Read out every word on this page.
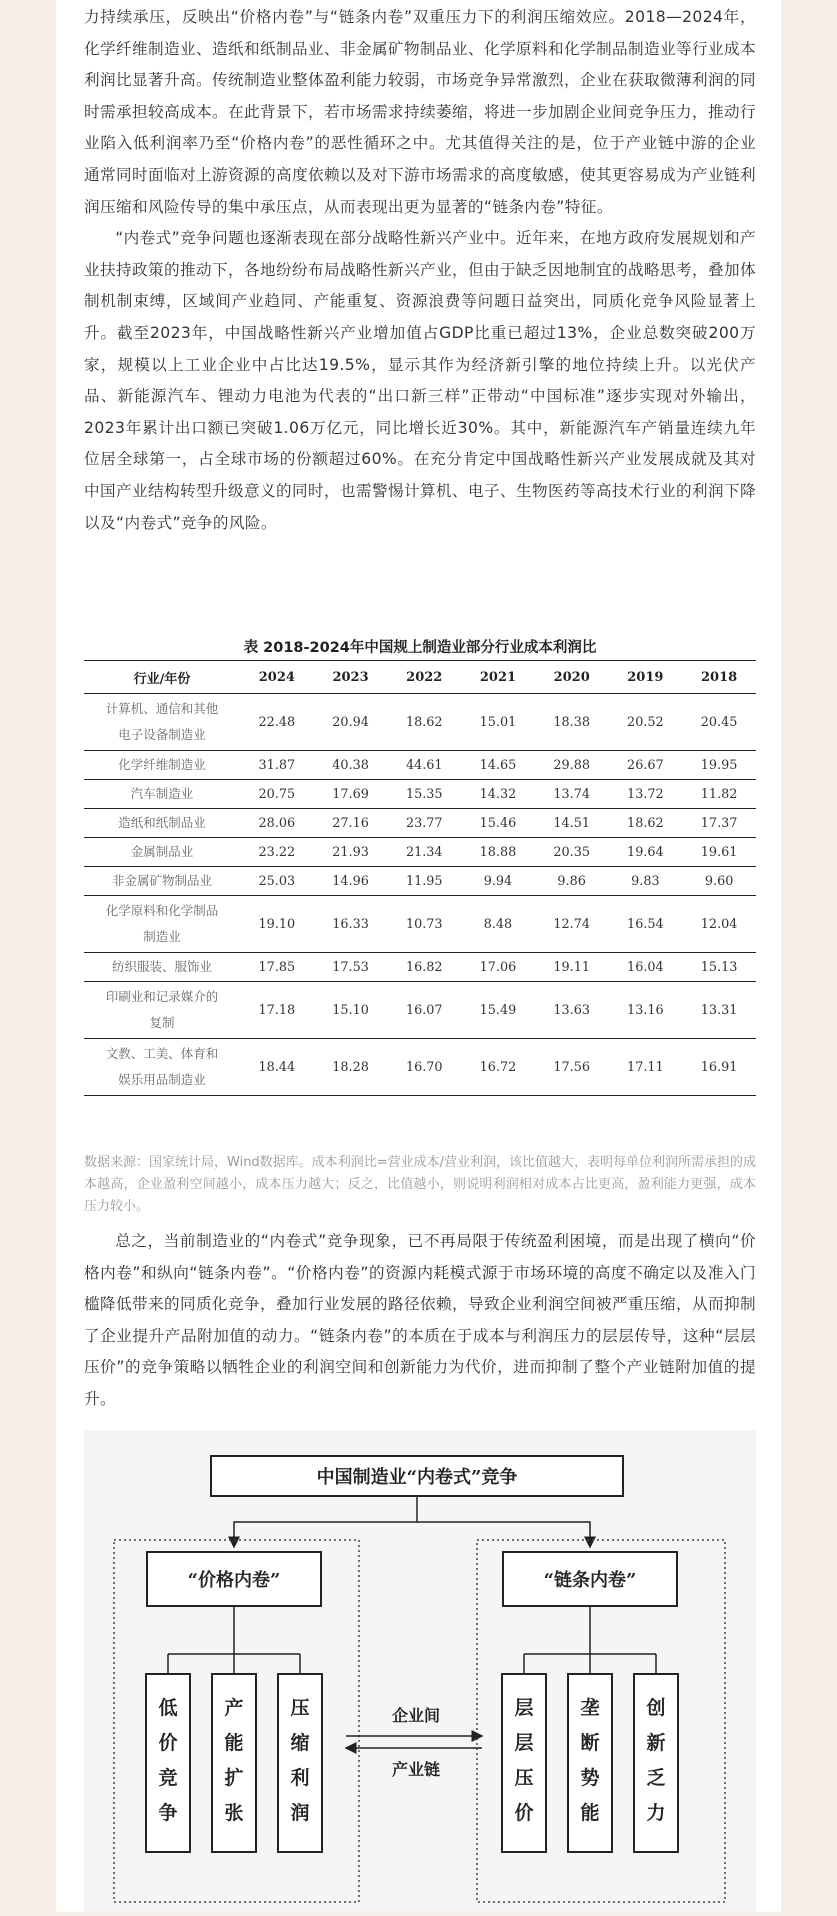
力持续承压，反映出“价格内卷”与“链条内卷”双重压力下的利润压缩效应。2018—2024年，化学纤维制造业、造纸和纸制品业、非金属矿物制品业、化学原料和化学制品制造业等行业成本利润比显著升高。传统制造业整体盈利能力较弱，市场竞争异常激烈，企业在获取微薄利润的同时需承担较高成本。在此背景下，若市场需求持续萎缩，将进一步加剧企业间竞争压力，推动行业陷入低利润率乃至“价格内卷”的恶性循环之中。尤其值得关注的是，位于产业链中游的企业通常同时面临对上游资源的高度依赖以及对下游市场需求的高度敏感，使其更容易成为产业链利润压缩和风险传导的集中承压点，从而表现出更为显著的“链条内卷”特征。

“内卷式”竞争问题也逐渐表现在部分战略性新兴产业中。近年来，在地方政府发展规划和产业扶持政策的推动下，各地纷纷布局战略性新兴产业，但由于缺乏因地制宜的战略思考，叠加体制机制束缚，区域间产业趋同、产能重复、资源浪费等问题日益突出，同质化竞争风险显著上升。截至2023年，中国战略性新兴产业增加值占GDP比重已超过13%，企业总数突破200万家，规模以上工业企业中占比达19.5%，显示其作为经济新引擎的地位持续上升。以光伏产品、新能源汽车、锂动力电池为代表的“出口新三样”正带动“中国标准”逐步实现对外输出，2023年累计出口额已突破1.06万亿元，同比增长近30%。其中，新能源汽车产销量连续九年位居全球第一，占全球市场的份额超过60%。在充分肯定中国战略性新兴产业发展成就及其对中国产业结构转型升级意义的同时，也需警惕计算机、电子、生物医药等高技术行业的利润下降以及“内卷式”竞争的风险。

表 2018-2024年中国规上制造业部分行业成本利润比
行业/年份	2024	2023	2022	2021	2020	2019	2018

计算机、通信和其他
电子设备制造业	22.48	20.94	18.62	15.01	18.38	20.52	20.45

化学纤维制造业	31.87	40.38	44.61	14.65	29.88	26.67	19.95

汽车制造业	20.75	17.69	15.35	14.32	13.74	13.72	11.82

造纸和纸制品业	28.06	27.16	23.77	15.46	14.51	18.62	17.37

金属制品业	23.22	21.93	21.34	18.88	20.35	19.64	19.61

非金属矿物制品业	25.03	14.96	11.95	9.94	9.86	9.83	9.60

化学原料和化学制品
制造业	19.10	16.33	10.73	8.48	12.74	16.54	12.04

纺织服装、服饰业	17.85	17.53	16.82	17.06	19.11	16.04	15.13

印刷业和记录媒介的
复制	17.18	15.10	16.07	15.49	13.63	13.16	13.31

文教、工美、体育和
娱乐用品制造业	18.44	18.28	16.70	16.72	17.56	17.11	16.91
数据来源：国家统计局，Wind数据库。成本利润比=营业成本/营业利润，该比值越大，表明每单位利润所需承担的成本越高，企业盈利空间越小，成本压力越大；反之，比值越小，则说明利润相对成本占比更高，盈利能力更强，成本压力较小。

总之，当前制造业的“内卷式”竞争现象，已不再局限于传统盈利困境，而是出现了横向“价格内卷”和纵向“链条内卷”。“价格内卷”的资源内耗模式源于市场环境的高度不确定以及准入门槛降低带来的同质化竞争，叠加行业发展的路径依赖，导致企业利润空间被严重压缩，从而抑制了企业提升产品附加值的动力。“链条内卷”的本质在于成本与利润压力的层层传导，这种“层层压价”的竞争策略以牺牲企业的利润空间和创新能力为代价，进而抑制了整个产业链附加值的提升。

中国制造业“内卷式”竞争
“价格内卷”	“链条内卷”
低
价
竞
争
产
能
扩
张
压
缩
利
润
层
层
压
价
垄
断
势
能
创
新
乏
力
企业间
产业链
